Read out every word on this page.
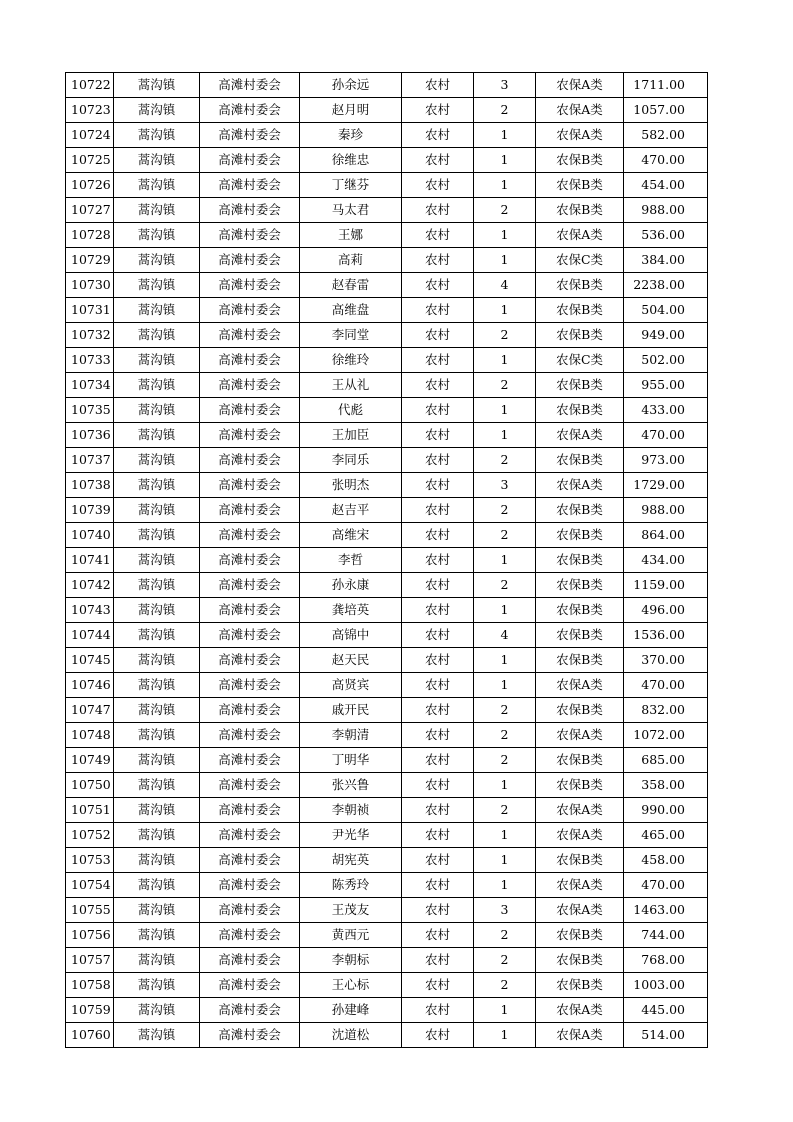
10722	蒿沟镇	高滩村委会	孙余远	农村	3	农保A类	1711.00
10723	蒿沟镇	高滩村委会	赵月明	农村	2	农保A类	1057.00
10724	蒿沟镇	高滩村委会	秦珍	农村	1	农保A类	582.00
10725	蒿沟镇	高滩村委会	徐维忠	农村	1	农保B类	470.00
10726	蒿沟镇	高滩村委会	丁继芬	农村	1	农保B类	454.00
10727	蒿沟镇	高滩村委会	马太君	农村	2	农保B类	988.00
10728	蒿沟镇	高滩村委会	王娜	农村	1	农保A类	536.00
10729	蒿沟镇	高滩村委会	高莉	农村	1	农保C类	384.00
10730	蒿沟镇	高滩村委会	赵春雷	农村	4	农保B类	2238.00
10731	蒿沟镇	高滩村委会	高维盘	农村	1	农保B类	504.00
10732	蒿沟镇	高滩村委会	李同堂	农村	2	农保B类	949.00
10733	蒿沟镇	高滩村委会	徐维玲	农村	1	农保C类	502.00
10734	蒿沟镇	高滩村委会	王从礼	农村	2	农保B类	955.00
10735	蒿沟镇	高滩村委会	代彪	农村	1	农保B类	433.00
10736	蒿沟镇	高滩村委会	王加臣	农村	1	农保A类	470.00
10737	蒿沟镇	高滩村委会	李同乐	农村	2	农保B类	973.00
10738	蒿沟镇	高滩村委会	张明杰	农村	3	农保A类	1729.00
10739	蒿沟镇	高滩村委会	赵吉平	农村	2	农保B类	988.00
10740	蒿沟镇	高滩村委会	高维宋	农村	2	农保B类	864.00
10741	蒿沟镇	高滩村委会	李哲	农村	1	农保B类	434.00
10742	蒿沟镇	高滩村委会	孙永康	农村	2	农保B类	1159.00
10743	蒿沟镇	高滩村委会	龚培英	农村	1	农保B类	496.00
10744	蒿沟镇	高滩村委会	高锦中	农村	4	农保B类	1536.00
10745	蒿沟镇	高滩村委会	赵天民	农村	1	农保B类	370.00
10746	蒿沟镇	高滩村委会	高贤宾	农村	1	农保A类	470.00
10747	蒿沟镇	高滩村委会	戚开民	农村	2	农保B类	832.00
10748	蒿沟镇	高滩村委会	李朝清	农村	2	农保A类	1072.00
10749	蒿沟镇	高滩村委会	丁明华	农村	2	农保B类	685.00
10750	蒿沟镇	高滩村委会	张兴鲁	农村	1	农保B类	358.00
10751	蒿沟镇	高滩村委会	李朝祯	农村	2	农保A类	990.00
10752	蒿沟镇	高滩村委会	尹光华	农村	1	农保A类	465.00
10753	蒿沟镇	高滩村委会	胡宪英	农村	1	农保B类	458.00
10754	蒿沟镇	高滩村委会	陈秀玲	农村	1	农保A类	470.00
10755	蒿沟镇	高滩村委会	王茂友	农村	3	农保A类	1463.00
10756	蒿沟镇	高滩村委会	黄西元	农村	2	农保B类	744.00
10757	蒿沟镇	高滩村委会	李朝标	农村	2	农保B类	768.00
10758	蒿沟镇	高滩村委会	王心标	农村	2	农保B类	1003.00
10759	蒿沟镇	高滩村委会	孙建峰	农村	1	农保A类	445.00
10760	蒿沟镇	高滩村委会	沈道松	农村	1	农保A类	514.00
